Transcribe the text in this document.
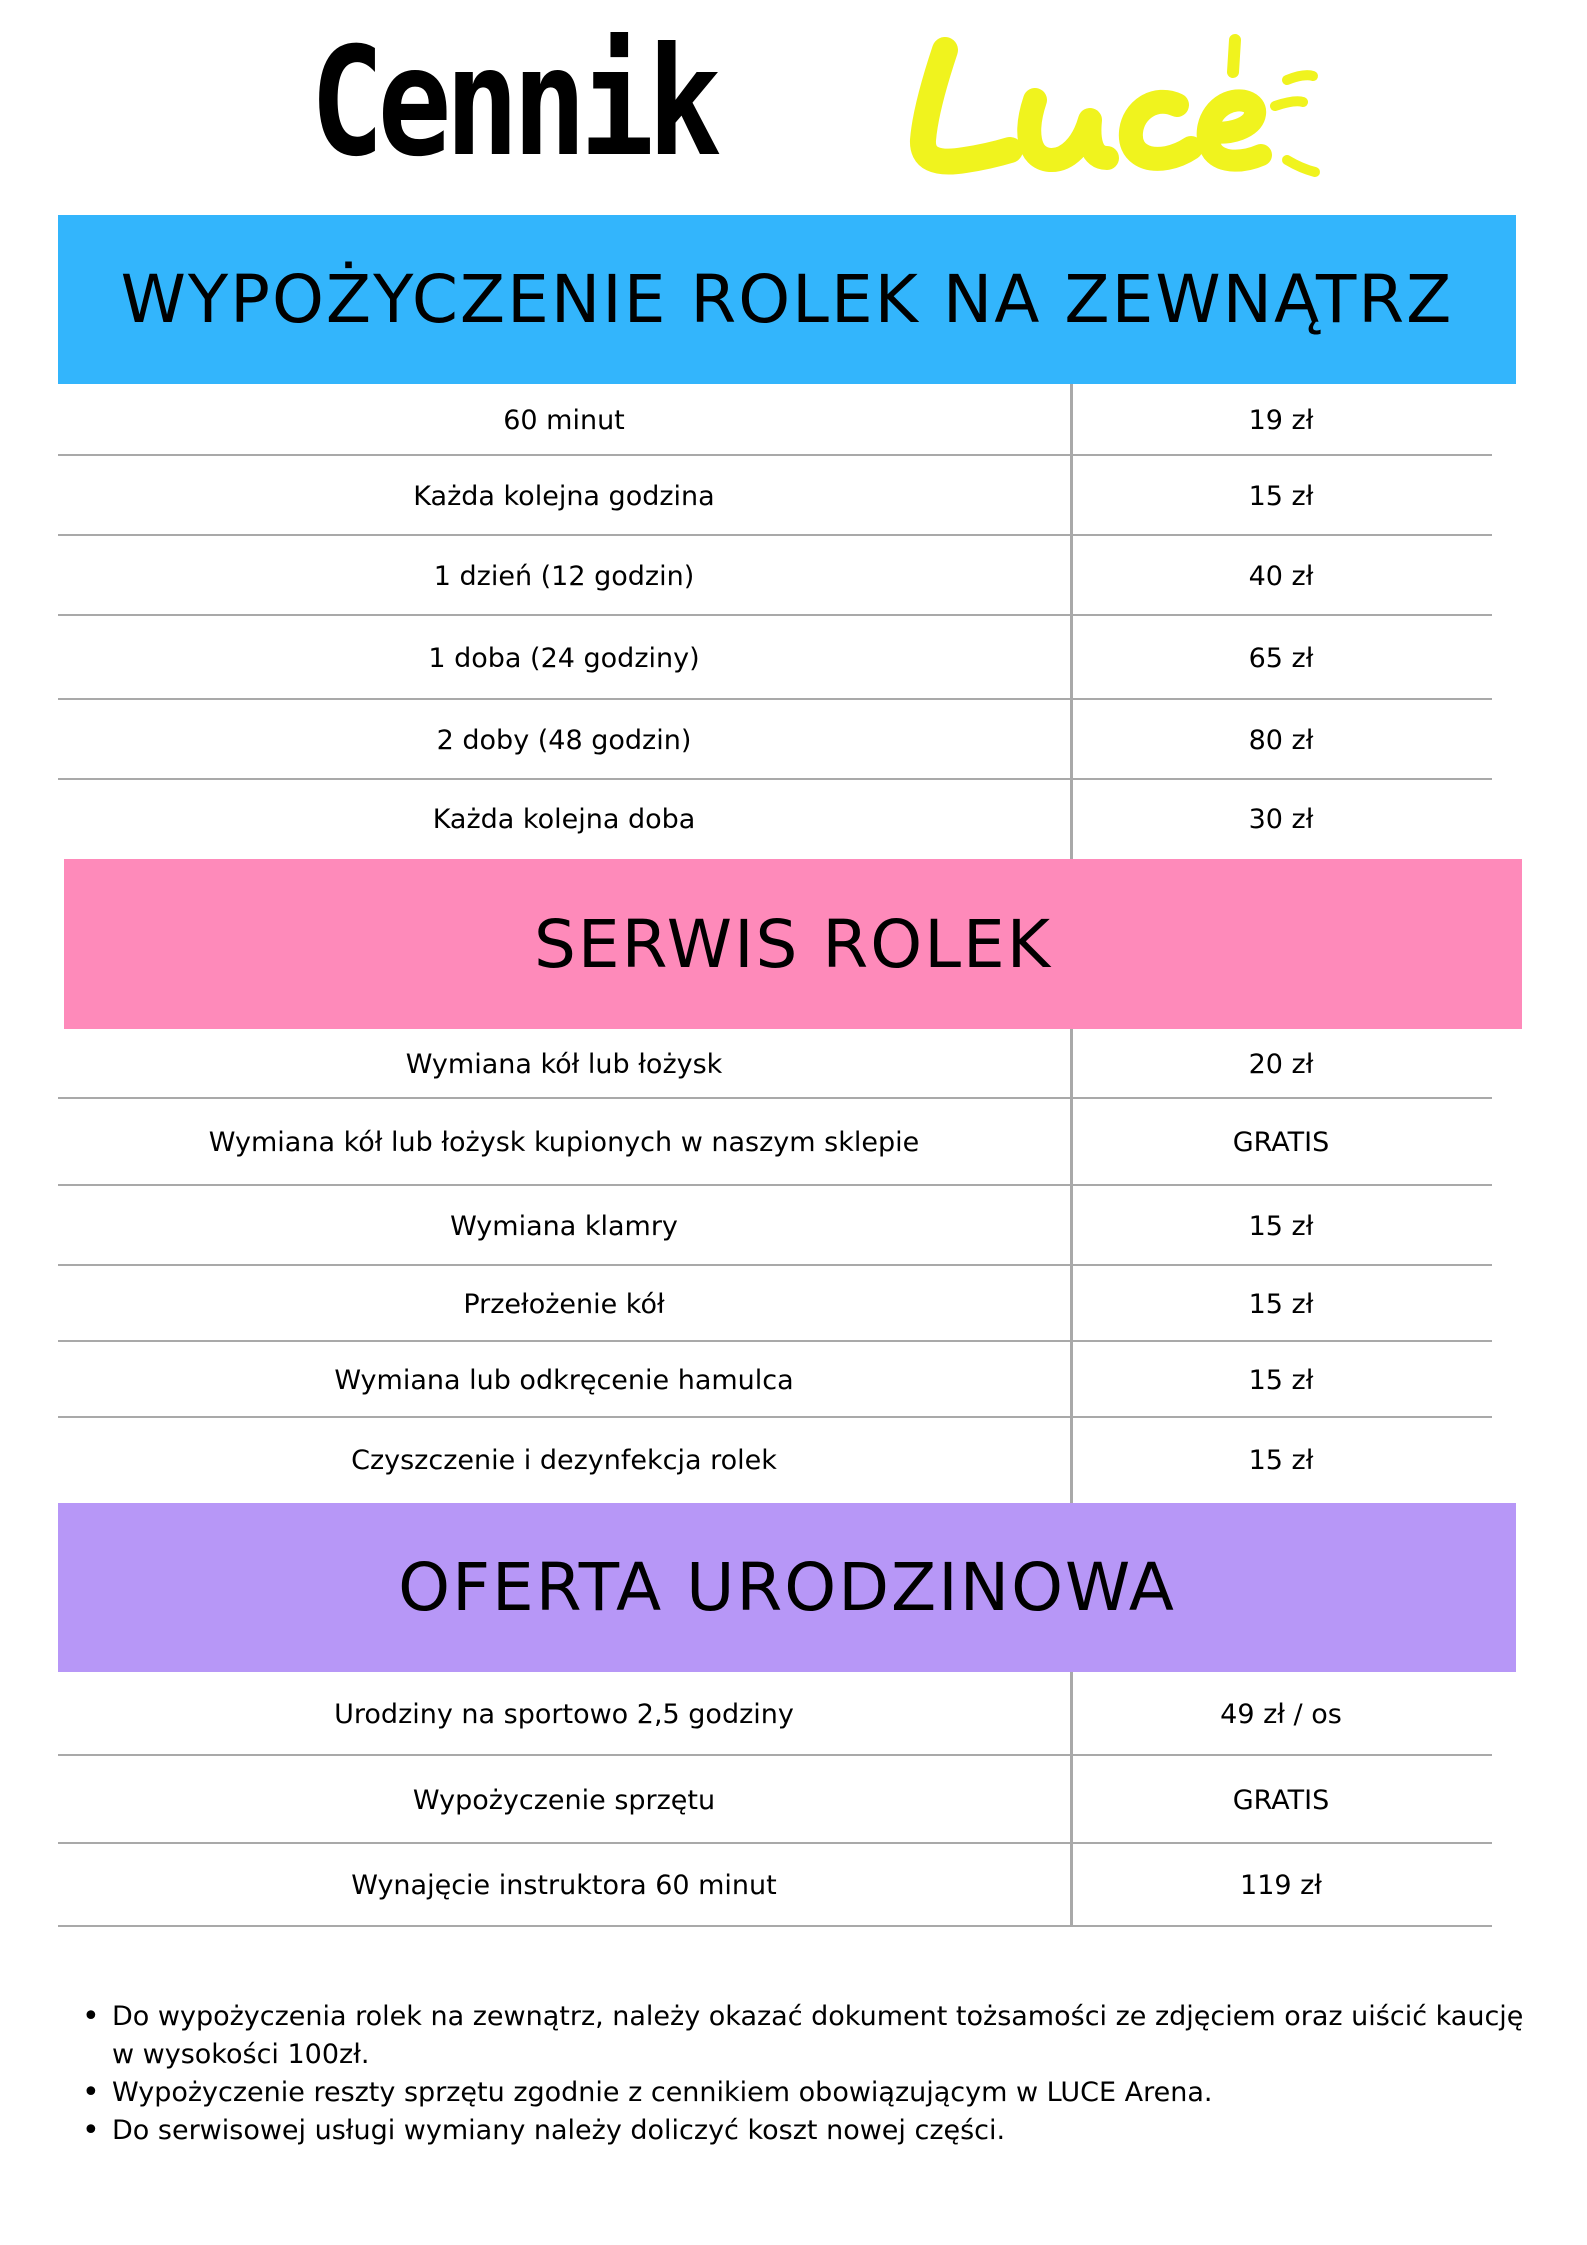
Cennik
Lucé
WYPOŻYCZENIE ROLEK NA ZEWNĄTRZ
60 minut	19 zł
Każda kolejna godzina	15 zł
1 dzień (12 godzin)	40 zł
1 doba (24 godziny)	65 zł
2 doby (48 godzin)	80 zł
Każda kolejna doba	30 zł
SERWIS ROLEK
Wymiana kół lub łożysk	20 zł
Wymiana kół lub łożysk kupionych w naszym sklepie	GRATIS
Wymiana klamry	15 zł
Przełożenie kół	15 zł
Wymiana lub odkręcenie hamulca	15 zł
Czyszczenie i dezynfekcja rolek	15 zł
OFERTA URODZINOWA
Urodziny na sportowo 2,5 godziny	49 zł / os
Wypożyczenie sprzętu	GRATIS
Wynajęcie instruktora 60 minut	119 zł
• Do wypożyczenia rolek na zewnątrz, należy okazać dokument tożsamości ze zdjęciem oraz uiścić kaucję w wysokości 100zł.
• Wypożyczenie reszty sprzętu zgodnie z cennikiem obowiązującym w LUCE Arena.
• Do serwisowej usługi wymiany należy doliczyć koszt nowej części.
